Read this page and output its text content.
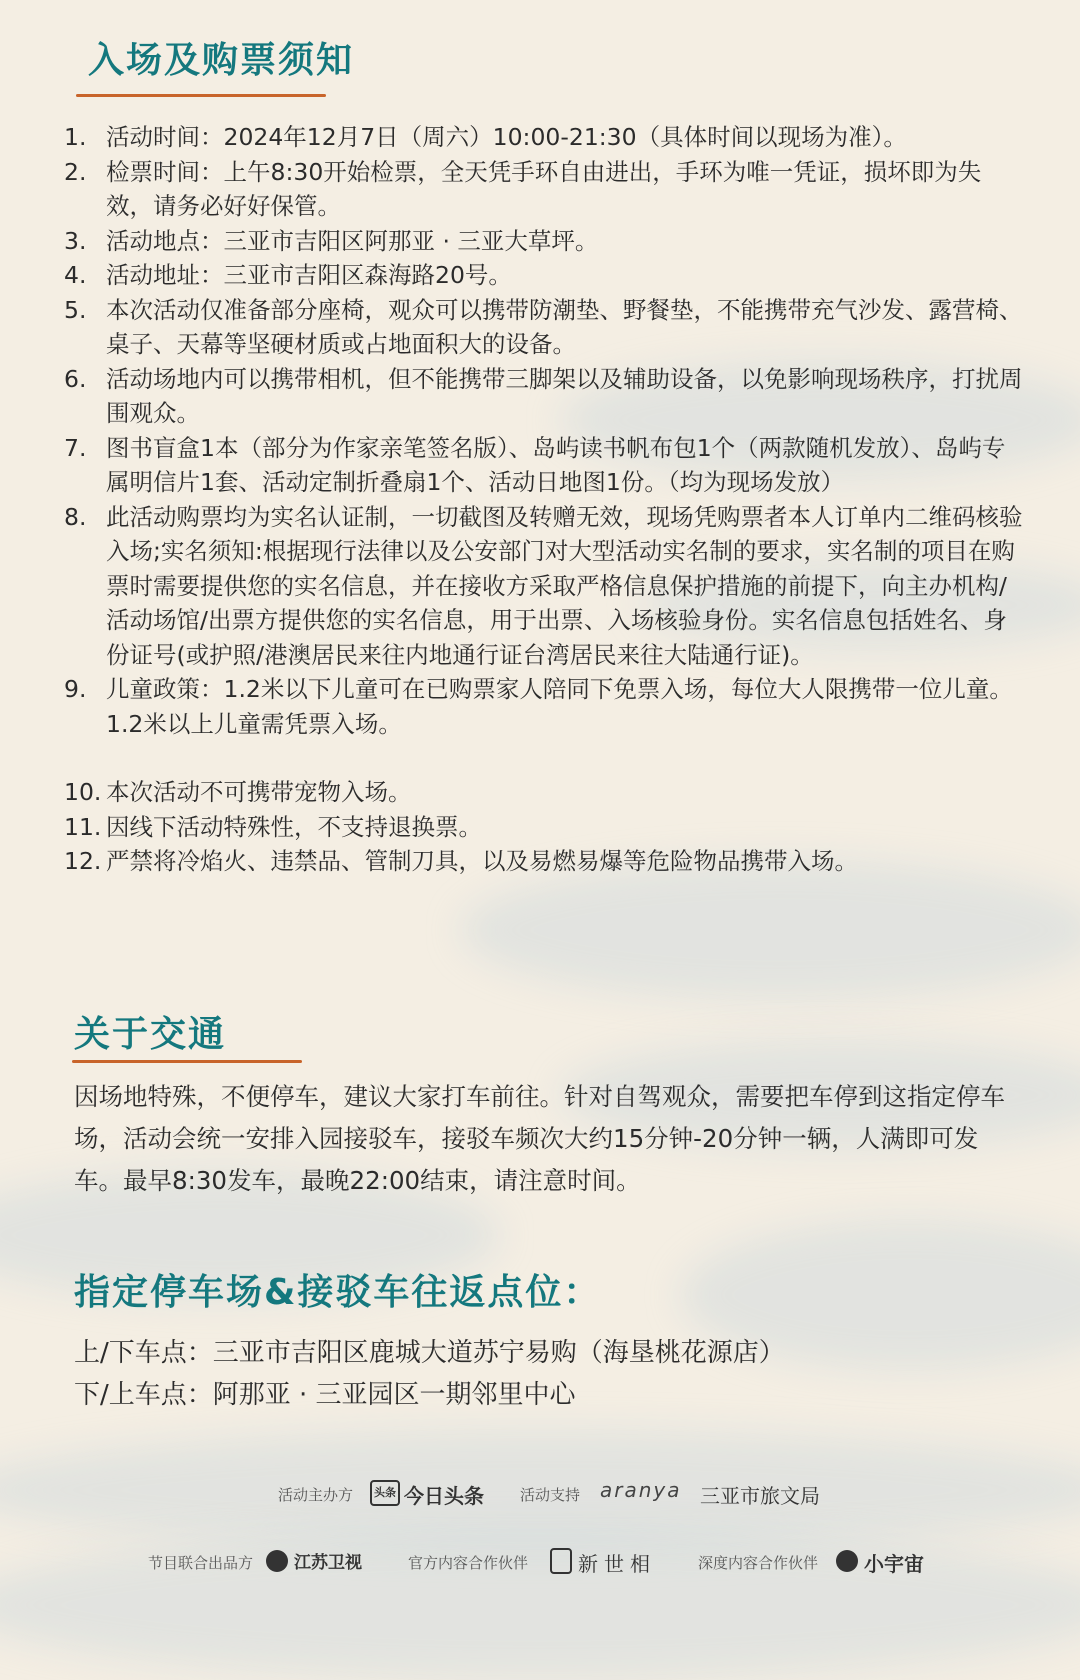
入场及购票须知
1. 活动时间：2024年12月7日（周六）10:00-21:30（具体时间以现场为准）。
2. 检票时间：上午8:30开始检票，全天凭手环自由进出，手环为唯一凭证，损坏即为失效，请务必好好保管。
3. 活动地点：三亚市吉阳区阿那亚 · 三亚大草坪。
4. 活动地址：三亚市吉阳区森海路20号。
5. 本次活动仅准备部分座椅，观众可以携带防潮垫、野餐垫，不能携带充气沙发、露营椅、桌子、天幕等坚硬材质或占地面积大的设备。
6. 活动场地内可以携带相机，但不能携带三脚架以及辅助设备，以免影响现场秩序，打扰周围观众。
7. 图书盲盒1本（部分为作家亲笔签名版）、岛屿读书帆布包1个（两款随机发放）、岛屿专属明信片1套、活动定制折叠扇1个、活动日地图1份。（均为现场发放）
8. 此活动购票均为实名认证制，一切截图及转赠无效，现场凭购票者本人订单内二维码核验入场;实名须知:根据现行法律以及公安部门对大型活动实名制的要求，实名制的项目在购票时需要提供您的实名信息，并在接收方采取严格信息保护措施的前提下，向主办机构/活动场馆/出票方提供您的实名信息，用于出票、入场核验身份。实名信息包括姓名、身份证号(或护照/港澳居民来往内地通行证台湾居民来往大陆通行证)。
9. 儿童政策：1.2米以下儿童可在已购票家人陪同下免票入场，每位大人限携带一位儿童。1.2米以上儿童需凭票入场。
10. 本次活动不可携带宠物入场。
11. 因线下活动特殊性，不支持退换票。
12. 严禁将冷焰火、违禁品、管制刀具，以及易燃易爆等危险物品携带入场。
关于交通

因场地特殊，不便停车，建议大家打车前往。针对自驾观众，需要把车停到这指定停车场，活动会统一安排入园接驳车，接驳车频次大约15分钟-20分钟一辆，人满即可发车。最早8:30发车，最晚22:00结束，请注意时间。

指定停车场&接驳车往返点位：
上/下车点：三亚市吉阳区鹿城大道苏宁易购（海垦桃花源店）
下/上车点：阿那亚 · 三亚园区一期邻里中心
活动主办方	头条 今日头条 活动支持 aranya 三亚市旅文局
节目联合出品方 江苏卫视	官方内容合作伙伴 新世相	深度内容合作伙伴 小宇宙
